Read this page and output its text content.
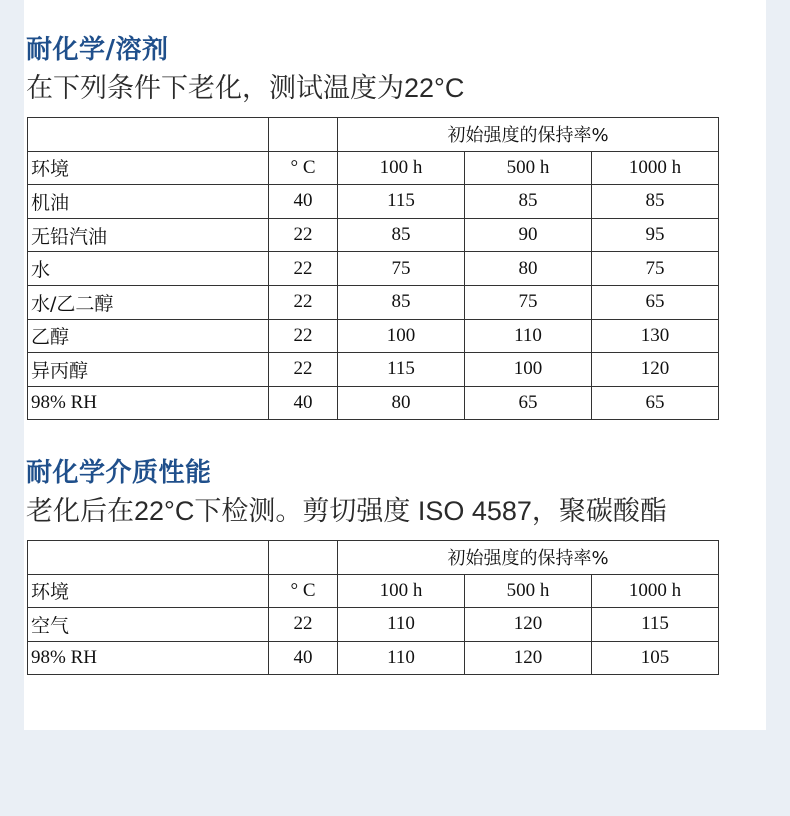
耐化学/溶剂

在下列条件下老化，测试温度为22°C

		初始强度的保持率%		
环境	° C	100 h	500 h	1000 h
机油	40	115	85	85
无铅汽油	22	85	90	95
水	22	75	80	75
水/乙二醇	22	85	75	65
乙醇	22	100	110	130
异丙醇	22	115	100	120
98% RH	40	80	65	65
耐化学介质性能

老化后在22°C下检测。剪切强度 ISO 4587，聚碳酸酯

		初始强度的保持率%		
环境	° C	100 h	500 h	1000 h
空气	22	110	120	115
98% RH	40	110	120	105
